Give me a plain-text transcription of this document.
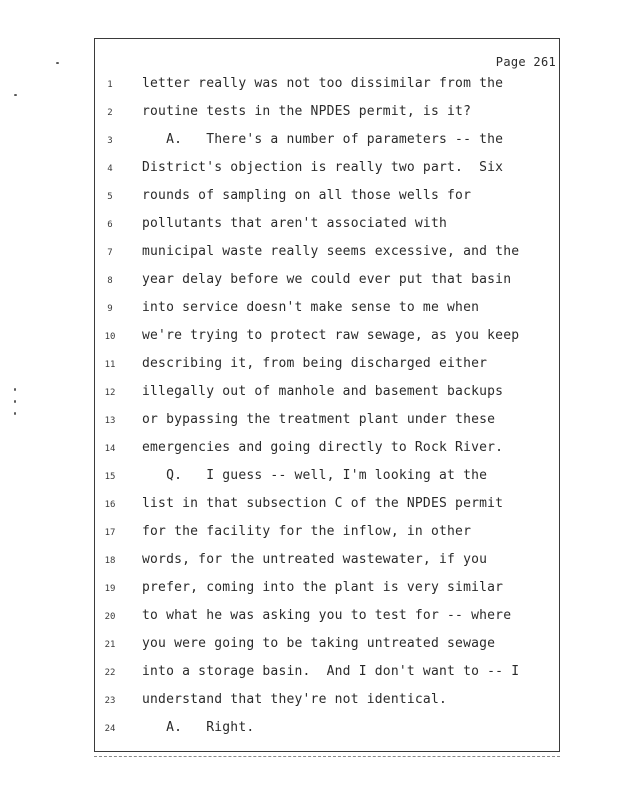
Page 261
1	letter really was not too dissimilar from the
2	routine tests in the NPDES permit, is it?
3	A.   There's a number of parameters -- the
4	District's objection is really two part.  Six
5	rounds of sampling on all those wells for
6	pollutants that aren't associated with
7	municipal waste really seems excessive, and the
8	year delay before we could ever put that basin
9	into service doesn't make sense to me when
10	we're trying to protect raw sewage, as you keep
11	describing it, from being discharged either
12	illegally out of manhole and basement backups
13	or bypassing the treatment plant under these
14	emergencies and going directly to Rock River.
15	Q.   I guess -- well, I'm looking at the
16	list in that subsection C of the NPDES permit
17	for the facility for the inflow, in other
18	words, for the untreated wastewater, if you
19	prefer, coming into the plant is very similar
20	to what he was asking you to test for -- where
21	you were going to be taking untreated sewage
22	into a storage basin.  And I don't want to -- I
23	understand that they're not identical.
24	A.   Right.
